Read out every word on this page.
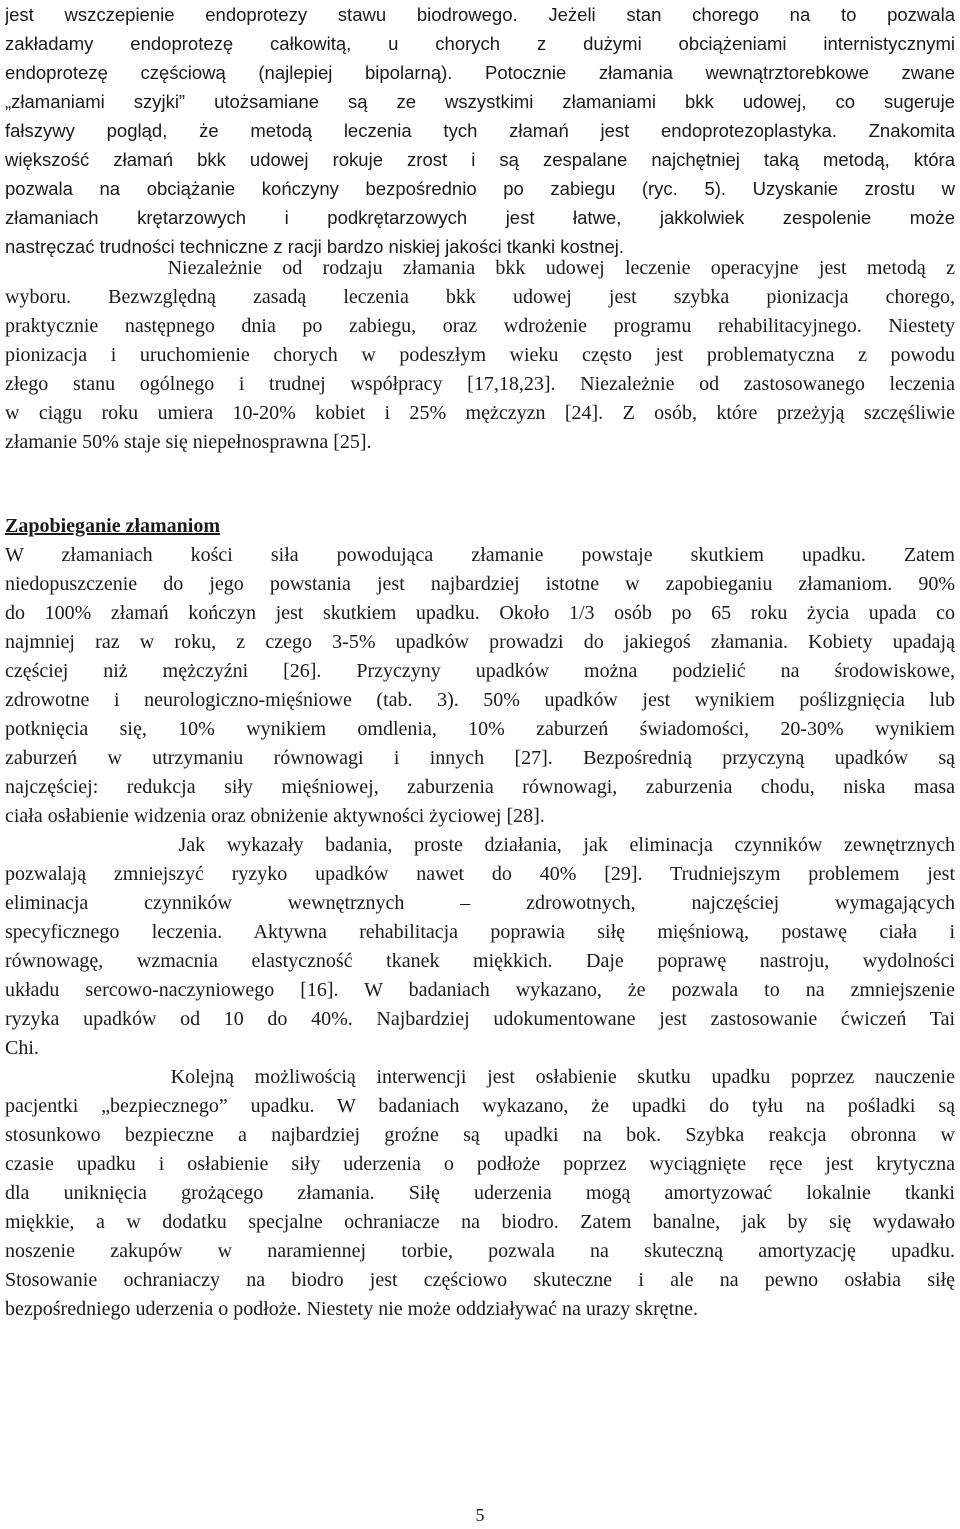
jest wszczepienie endoprotezy stawu biodrowego. Jeżeli stan chorego na to pozwala
zakładamy endoprotezę całkowitą, u chorych z dużymi obciążeniami internistycznymi
endoprotezę częściową (najlepiej bipolarną). Potocznie złamania wewnątrztorebkowe zwane
„złamaniami szyjki” utożsamiane są ze wszystkimi złamaniami bkk udowej, co sugeruje
fałszywy pogląd, że metodą leczenia tych złamań jest endoprotezoplastyka. Znakomita
większość złamań bkk udowej rokuje zrost i są zespalane najchętniej taką metodą, która
pozwala na obciążanie kończyny bezpośrednio po zabiegu (ryc. 5). Uzyskanie zrostu w
złamaniach krętarzowych i podkrętarzowych jest łatwe, jakkolwiek zespolenie może
nastręczać trudności techniczne z racji bardzo niskiej jakości tkanki kostnej.
Niezależnie od rodzaju złamania bkk udowej leczenie operacyjne jest metodą z
wyboru. Bezwzględną zasadą leczenia bkk udowej jest szybka pionizacja chorego,
praktycznie następnego dnia po zabiegu, oraz wdrożenie programu rehabilitacyjnego. Niestety
pionizacja i uruchomienie chorych w podeszłym wieku często jest problematyczna z powodu
złego stanu ogólnego i trudnej współpracy [17,18,23]. Niezależnie od zastosowanego leczenia
w ciągu roku umiera 10-20% kobiet i 25% mężczyzn [24]. Z osób, które przeżyją szczęśliwie
złamanie 50% staje się niepełnosprawna [25].
Zapobieganie złamaniom
W złamaniach kości siła powodująca złamanie powstaje skutkiem upadku. Zatem
niedopuszczenie do jego powstania jest najbardziej istotne w zapobieganiu złamaniom. 90%
do 100% złamań kończyn jest skutkiem upadku. Około 1/3 osób po 65 roku życia upada co
najmniej raz w roku, z czego 3-5% upadków prowadzi do jakiegoś złamania. Kobiety upadają
częściej niż mężczyźni [26]. Przyczyny upadków można podzielić na środowiskowe,
zdrowotne i neurologiczno-mięśniowe (tab. 3). 50% upadków jest wynikiem poślizgnięcia lub
potknięcia się, 10% wynikiem omdlenia, 10% zaburzeń świadomości, 20-30% wynikiem
zaburzeń w utrzymaniu równowagi i innych [27]. Bezpośrednią przyczyną upadków są
najczęściej: redukcja siły mięśniowej, zaburzenia równowagi, zaburzenia chodu, niska masa
ciała osłabienie widzenia oraz obniżenie aktywności życiowej [28].
Jak wykazały badania, proste działania, jak eliminacja czynników zewnętrznych
pozwalają zmniejszyć ryzyko upadków nawet do 40% [29]. Trudniejszym problemem jest
eliminacja czynników wewnętrznych – zdrowotnych, najczęściej wymagających
specyficznego leczenia. Aktywna rehabilitacja poprawia siłę mięśniową, postawę ciała i
równowagę, wzmacnia elastyczność tkanek miękkich. Daje poprawę nastroju, wydolności
układu sercowo-naczyniowego [16]. W badaniach wykazano, że pozwala to na zmniejszenie
ryzyka upadków od 10 do 40%. Najbardziej udokumentowane jest zastosowanie ćwiczeń Tai
Chi.
Kolejną możliwością interwencji jest osłabienie skutku upadku poprzez nauczenie
pacjentki „bezpiecznego” upadku. W badaniach wykazano, że upadki do tyłu na pośladki są
stosunkowo bezpieczne a najbardziej groźne są upadki na bok. Szybka reakcja obronna w
czasie upadku i osłabienie siły uderzenia o podłoże poprzez wyciągnięte ręce jest krytyczna
dla uniknięcia grożącego złamania. Siłę uderzenia mogą amortyzować lokalnie tkanki
miękkie, a w dodatku specjalne ochraniacze na biodro. Zatem banalne, jak by się wydawało
noszenie zakupów w naramiennej torbie, pozwala na skuteczną amortyzację upadku.
Stosowanie ochraniaczy na biodro jest częściowo skuteczne i ale na pewno osłabia siłę
bezpośredniego uderzenia o podłoże. Niestety nie może oddziaływać na urazy skrętne.
5
